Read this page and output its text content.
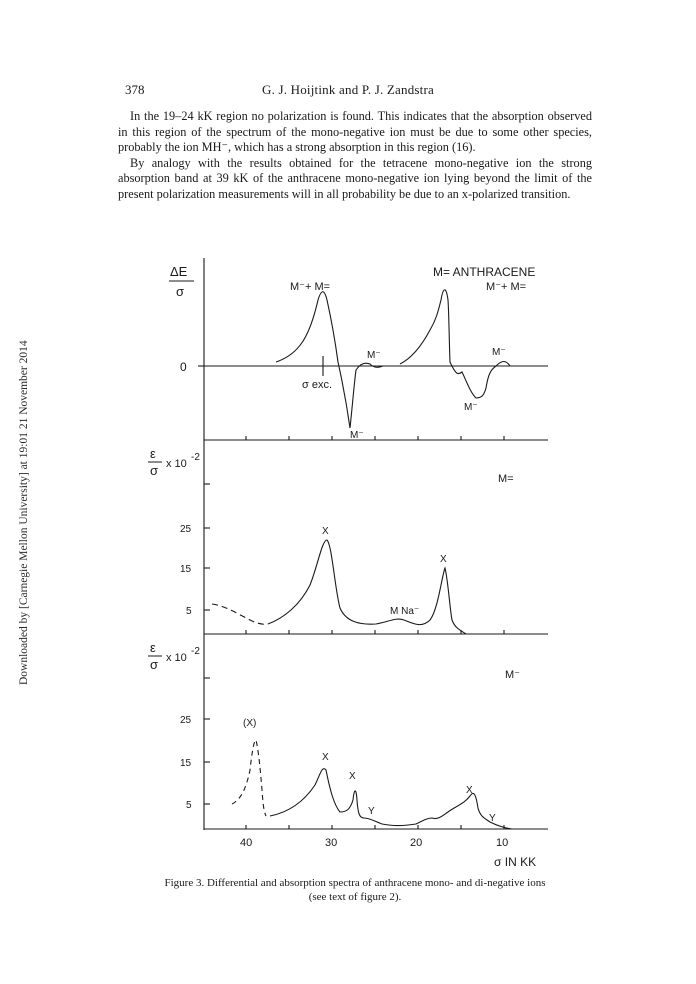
378	G. J. Hoijtink and P. J. Zandstra

In the 19–24 kK region no polarization is found. This indicates that the absorption observed in this region of the spectrum of the mono-negative ion must be due to some other species, probably the ion MH⁻, which has a strong absorption in this region (16).

By analogy with the results obtained for the tetracene mono-negative ion the strong absorption band at 39 kK of the anthracene mono-negative ion lying beyond the limit of the present polarization measurements will in all probability be due to an x-polarized transition.

Downloaded by [Carnegie Mellon University] at 19:01 21 November 2014
ΔE
σ
0
M= ANTHRACENE
M⁻+ M=
M⁻+ M=
M⁻	M⁻
M⁻
M⁻
σ exc.
ε
σ x 10
-2
M=
25
15
5
X
X
M Na⁻
ε
σ x 10
-2
M⁻
25
15
5
(X)
X
X
X
Y
Y
40	30	20	10
σ IN KK
Figure 3. Differential and absorption spectra of anthracene mono- and di-negative ions
(see text of figure 2).
